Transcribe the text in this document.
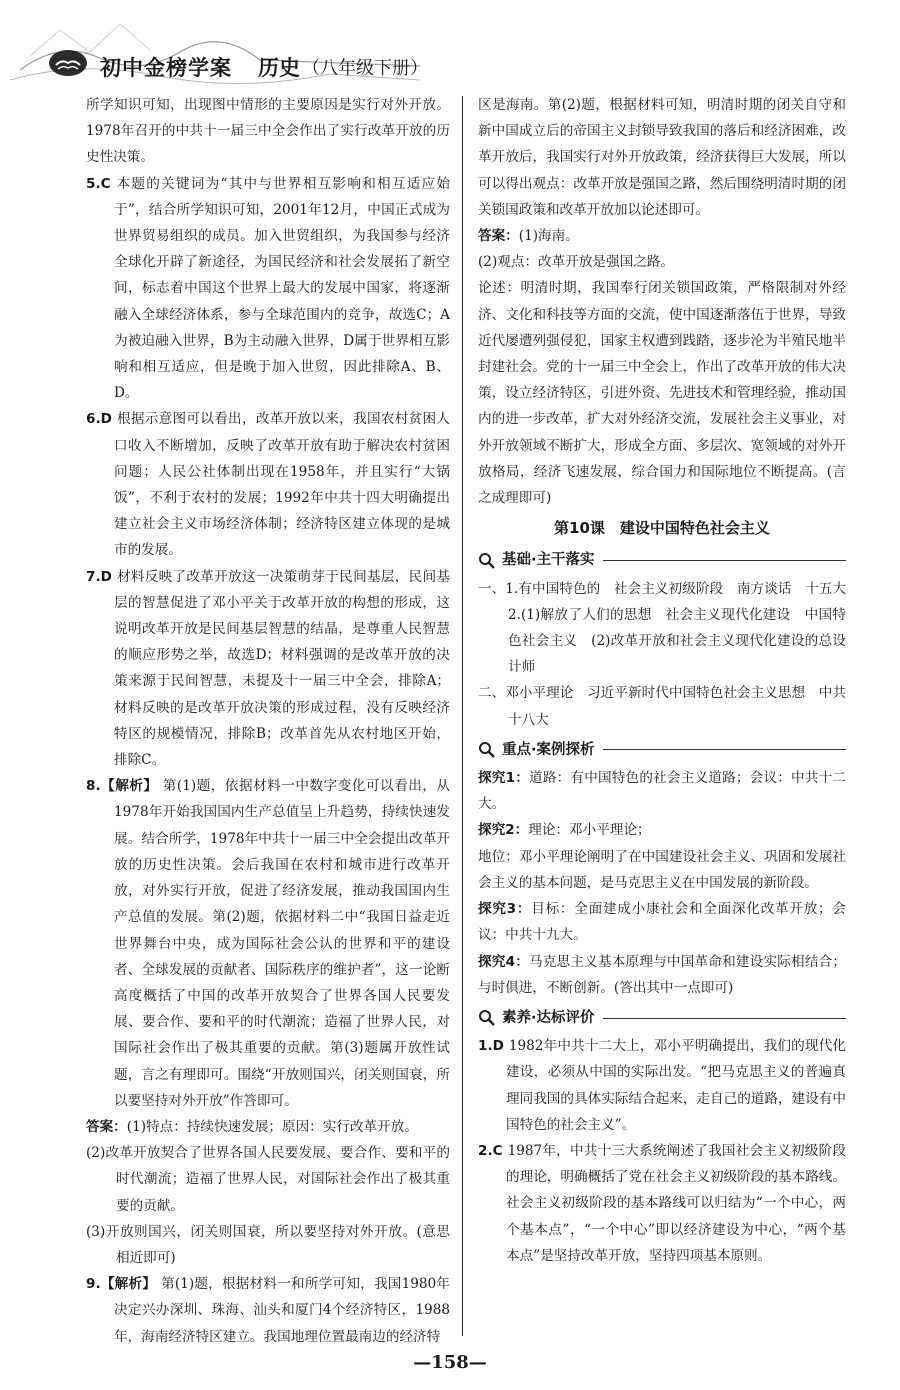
初中金榜学案 历史 （八年级下册）

所学知识可知，出现图中情形的主要原因是实行对外开放。1978年召开的中共十一届三中全会作出了实行改革开放的历史性决策。

5.C 本题的关键词为“其中与世界相互影响和相互适应始于”，结合所学知识可知，2001年12月，中国正式成为世界贸易组织的成员。加入世贸组织，为我国参与经济全球化开辟了新途径，为国民经济和社会发展拓了新空间，标志着中国这个世界上最大的发展中国家，将逐渐融入全球经济体系，参与全球范围内的竞争，故选C；A为被迫融入世界，B为主动融入世界，D属于世界相互影响和相互适应，但是晚于加入世贸，因此排除A、B、D。

6.D 根据示意图可以看出，改革开放以来，我国农村贫困人口收入不断增加，反映了改革开放有助于解决农村贫困问题；人民公社体制出现在1958年，并且实行“大锅饭”，不利于农村的发展；1992年中共十四大明确提出建立社会主义市场经济体制；经济特区建立体现的是城市的发展。

7.D 材料反映了改革开放这一决策萌芽于民间基层，民间基层的智慧促进了邓小平关于改革开放的构想的形成，这说明改革开放是民间基层智慧的结晶，是尊重人民智慧的顺应形势之举，故选D；材料强调的是改革开放的决策来源于民间智慧，未提及十一届三中全会，排除A；材料反映的是改革开放决策的形成过程，没有反映经济特区的规模情况，排除B；改革首先从农村地区开始，排除C。

8.【解析】 第(1)题，依据材料一中数字变化可以看出，从1978年开始我国国内生产总值呈上升趋势，持续快速发展。结合所学，1978年中共十一届三中全会提出改革开放的历史性决策。会后我国在农村和城市进行改革开放，对外实行开放，促进了经济发展，推动我国国内生产总值的发展。第(2)题，依据材料二中“我国日益走近世界舞台中央，成为国际社会公认的世界和平的建设者、全球发展的贡献者、国际秩序的维护者”，这一论断高度概括了中国的改革开放契合了世界各国人民要发展、要合作、要和平的时代潮流；造福了世界人民，对国际社会作出了极其重要的贡献。第(3)题属开放性试题，言之有理即可。围绕“开放则国兴，闭关则国衰，所以要坚持对外开放”作答即可。

答案：(1)特点：持续快速发展；原因：实行改革开放。

(2)改革开放契合了世界各国人民要发展、要合作、要和平的时代潮流；造福了世界人民，对国际社会作出了极其重要的贡献。

(3)开放则国兴，闭关则国衰，所以要坚持对外开放。(意思相近即可)

9.【解析】 第(1)题，根据材料一和所学可知，我国1980年决定兴办深圳、珠海、汕头和厦门4个经济特区，1988年，海南经济特区建立。我国地理位置最南边的经济特

区是海南。第(2)题，根据材料可知，明清时期的闭关自守和新中国成立后的帝国主义封锁导致我国的落后和经济困难，改革开放后，我国实行对外开放政策，经济获得巨大发展，所以可以得出观点：改革开放是强国之路，然后围绕明清时期的闭关锁国政策和改革开放加以论述即可。

答案：(1)海南。

(2)观点：改革开放是强国之路。

论述：明清时期，我国奉行闭关锁国政策，严格限制对外经济、文化和科技等方面的交流，使中国逐渐落伍于世界，导致近代屡遭列强侵犯，国家主权遭到践踏，逐步沦为半殖民地半封建社会。党的十一届三中全会上，作出了改革开放的伟大决策，设立经济特区，引进外资、先进技术和管理经验，推动国内的进一步改革，扩大对外经济交流，发展社会主义事业，对外开放领域不断扩大，形成全方面、多层次、宽领域的对外开放格局，经济飞速发展，综合国力和国际地位不断提高。(言之成理即可)

第10课　建设中国特色社会主义
基础·主干落实

一、1.有中国特色的　社会主义初级阶段　南方谈话　十五大　2.(1)解放了人们的思想　社会主义现代化建设　中国特色社会主义　(2)改革开放和社会主义现代化建设的总设计师

二、邓小平理论　习近平新时代中国特色社会主义思想　中共十八大

重点·案例探析

探究1：道路：有中国特色的社会主义道路；会议：中共十二大。

探究2：理论：邓小平理论；

地位：邓小平理论阐明了在中国建设社会主义、巩固和发展社会主义的基本问题，是马克思主义在中国发展的新阶段。

探究3：目标：全面建成小康社会和全面深化改革开放；会议：中共十九大。

探究4：马克思主义基本原理与中国革命和建设实际相结合；与时俱进，不断创新。(答出其中一点即可)

素养·达标评价

1.D 1982年中共十二大上，邓小平明确提出，我们的现代化建设，必须从中国的实际出发。“把马克思主义的普遍真理同我国的具体实际结合起来，走自己的道路，建设有中国特色的社会主义”。

2.C 1987年，中共十三大系统阐述了我国社会主义初级阶段的理论，明确概括了党在社会主义初级阶段的基本路线。社会主义初级阶段的基本路线可以归结为“一个中心，两个基本点”，“一个中心”即以经济建设为中心，“两个基本点”是坚持改革开放，坚持四项基本原则。

—158—
